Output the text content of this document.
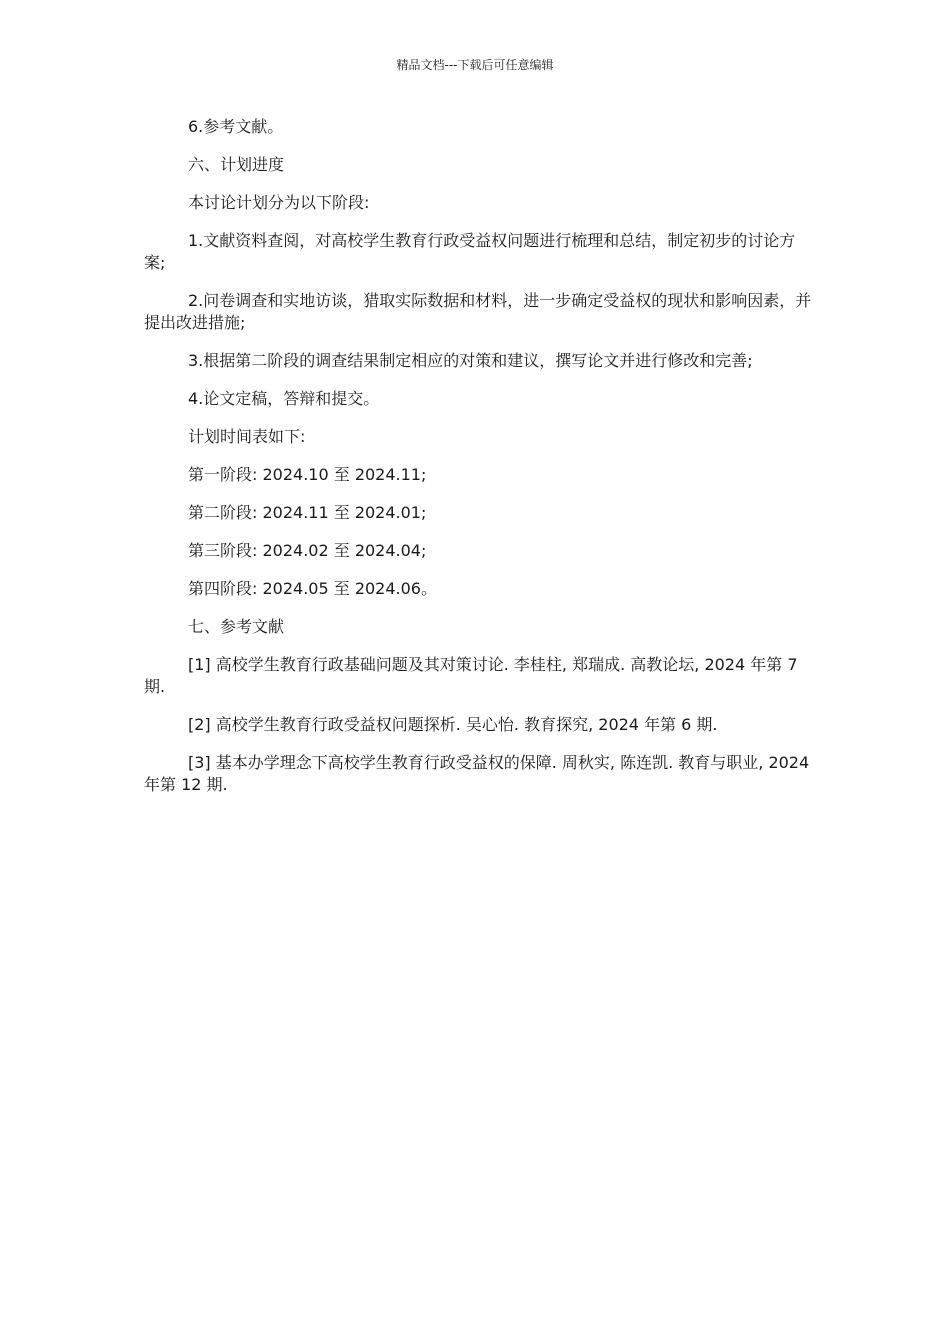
精品文档---下载后可任意编辑

6.参考文献。

六、计划进度

本讨论计划分为以下阶段:

1.文献资料查阅，对高校学生教育行政受益权问题进行梳理和总结，制定初步的讨论方案;

2.问卷调查和实地访谈，猎取实际数据和材料，进一步确定受益权的现状和影响因素，并提出改进措施;

3.根据第二阶段的调查结果制定相应的对策和建议，撰写论文并进行修改和完善;

4.论文定稿，答辩和提交。

计划时间表如下:

第一阶段: 2024.10 至 2024.11;

第二阶段: 2024.11 至 2024.01;

第三阶段: 2024.02 至 2024.04;

第四阶段: 2024.05 至 2024.06。

七、参考文献

[1] 高校学生教育行政基础问题及其对策讨论. 李桂柱, 郑瑞成. 高教论坛, 2024 年第 7 期.

[2] 高校学生教育行政受益权问题探析. 吴心怡. 教育探究, 2024 年第 6 期.

[3] 基本办学理念下高校学生教育行政受益权的保障. 周秋实, 陈连凯. 教育与职业, 2024 年第 12 期.
